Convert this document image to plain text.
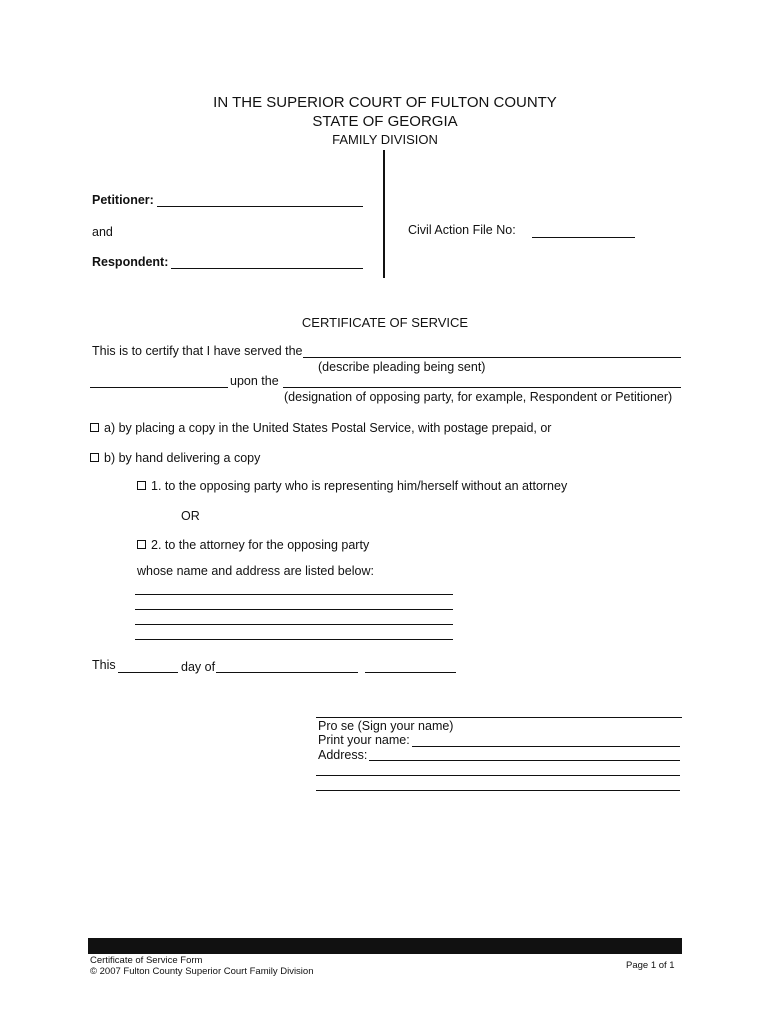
IN THE SUPERIOR COURT OF FULTON COUNTY
STATE OF GEORGIA
FAMILY DIVISION
Petitioner:
and
Respondent:
Civil Action File No:
CERTIFICATE OF SERVICE
This is to certify that I have served the
(describe pleading being sent)
upon the
(designation of opposing party, for example, Respondent or Petitioner)
a) by placing a copy in the United States Postal Service, with postage prepaid, or
b) by hand delivering a copy
1. to the opposing party who is representing him/herself without an attorney
OR
2. to the attorney for the opposing party
whose name and address are listed below:
This	day of
Pro se (Sign your name)
Print your name:
Address:
Certificate of Service Form
© 2007 Fulton County Superior Court Family Division
Page 1 of 1
